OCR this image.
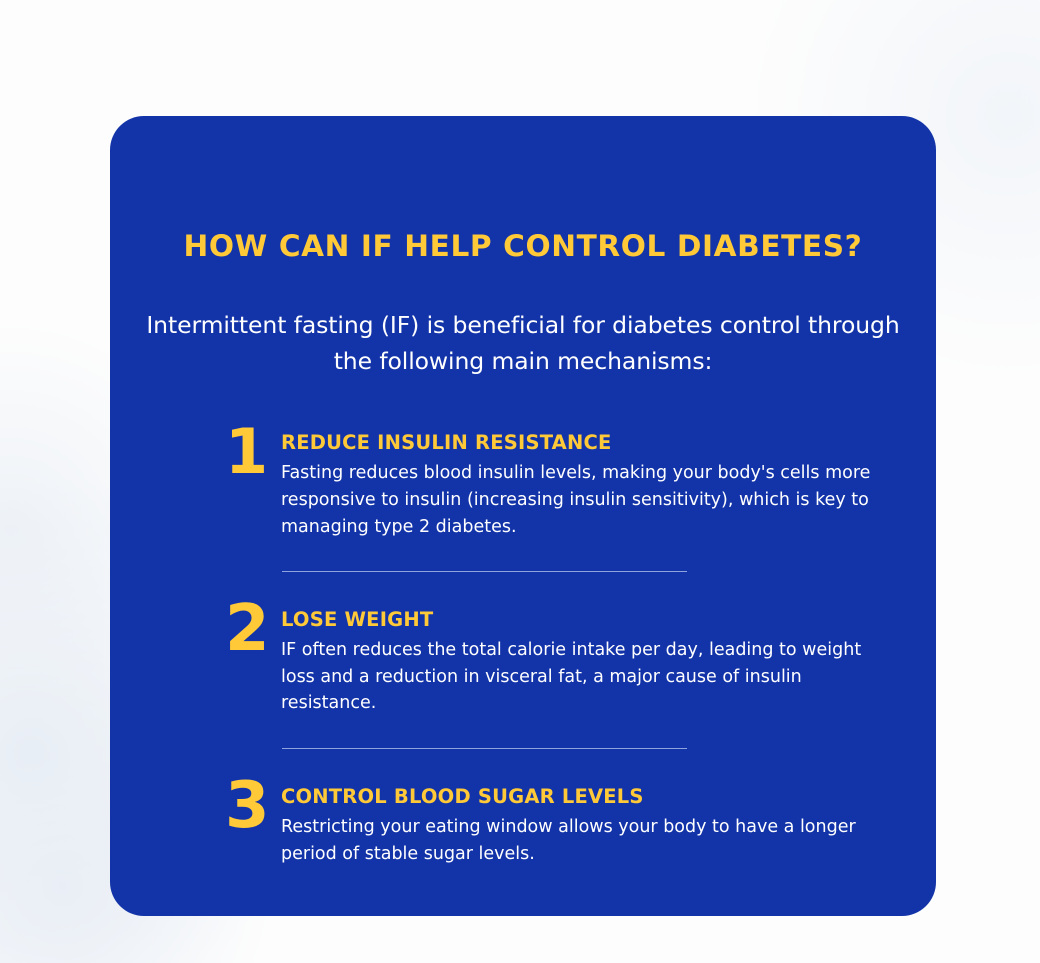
HOW CAN IF HELP CONTROL DIABETES?

Intermittent fasting (IF) is beneficial for diabetes control through the following main mechanisms:

1 REDUCE INSULIN RESISTANCE

Fasting reduces blood insulin levels, making your body's cells more responsive to insulin (increasing insulin sensitivity), which is key to managing type 2 diabetes.

2 LOSE WEIGHT

IF often reduces the total calorie intake per day, leading to weight loss and a reduction in visceral fat, a major cause of insulin resistance.

3 CONTROL BLOOD SUGAR LEVELS

Restricting your eating window allows your body to have a longer period of stable sugar levels.
